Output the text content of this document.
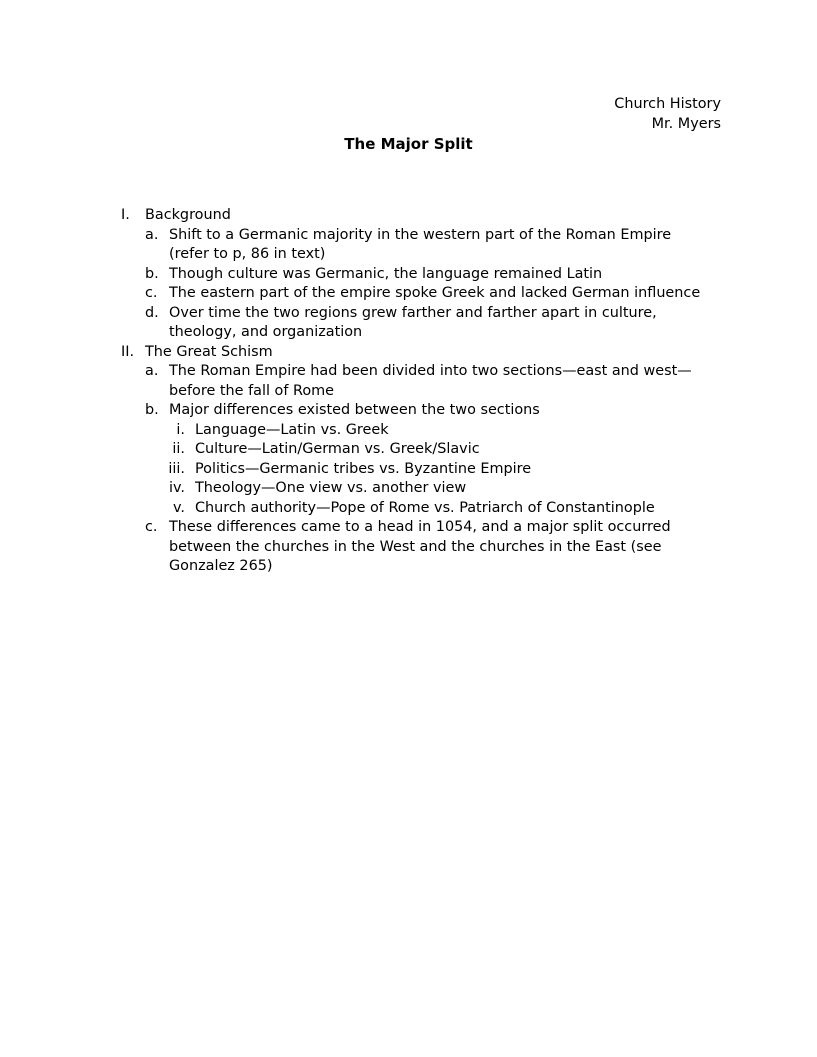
Church History
Mr. Myers
The Major Split
I. Background
a. Shift to a Germanic majority in the western part of the Roman Empire
(refer to p, 86 in text)
b. Though culture was Germanic, the language remained Latin
c. The eastern part of the empire spoke Greek and lacked German influence
d. Over time the two regions grew farther and farther apart in culture,
theology, and organization
II. The Great Schism
a. The Roman Empire had been divided into two sections—east and west—
before the fall of Rome
b. Major differences existed between the two sections
i. Language—Latin vs. Greek
ii. Culture—Latin/German vs. Greek/Slavic
iii. Politics—Germanic tribes vs. Byzantine Empire
iv. Theology—One view vs. another view
v. Church authority—Pope of Rome vs. Patriarch of Constantinople
c. These differences came to a head in 1054, and a major split occurred
between the churches in the West and the churches in the East (see
Gonzalez 265)
